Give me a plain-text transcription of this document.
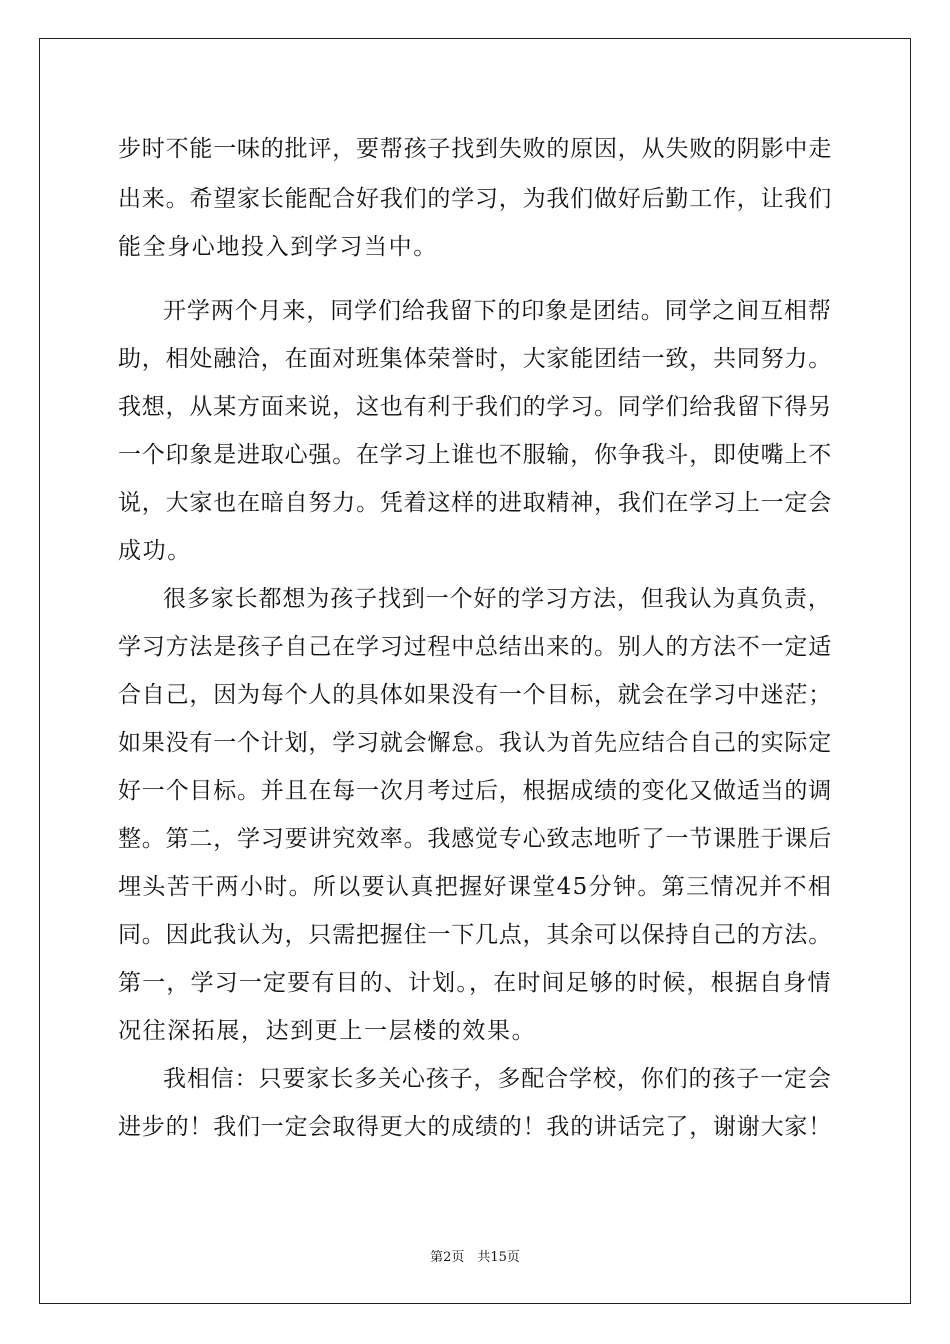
步时不能一味的批评，要帮孩子找到失败的原因，从失败的阴影中走
出来。希望家长能配合好我们的学习，为我们做好后勤工作，让我们
能全身心地投入到学习当中。
开学两个月来，同学们给我留下的印象是团结。同学之间互相帮
助，相处融洽，在面对班集体荣誉时，大家能团结一致，共同努力。
我想，从某方面来说，这也有利于我们的学习。同学们给我留下得另
一个印象是进取心强。在学习上谁也不服输，你争我斗，即使嘴上不
说，大家也在暗自努力。凭着这样的进取精神，我们在学习上一定会
成功。
很多家长都想为孩子找到一个好的学习方法，但我认为真负责，
学习方法是孩子自己在学习过程中总结出来的。别人的方法不一定适
合自己，因为每个人的具体如果没有一个目标，就会在学习中迷茫；
如果没有一个计划，学习就会懈怠。我认为首先应结合自己的实际定
好一个目标。并且在每一次月考过后，根据成绩的变化又做适当的调
整。第二，学习要讲究效率。我感觉专心致志地听了一节课胜于课后
埋头苦干两小时。所以要认真把握好课堂45分钟。第三情况并不相
同。因此我认为，只需把握住一下几点，其余可以保持自己的方法。
第一，学习一定要有目的、计划。，在时间足够的时候，根据自身情
况往深拓展，达到更上一层楼的效果。
我相信：只要家长多关心孩子，多配合学校，你们的孩子一定会
进步的！我们一定会取得更大的成绩的！我的讲话完了，谢谢大家！
第2页　共15页
